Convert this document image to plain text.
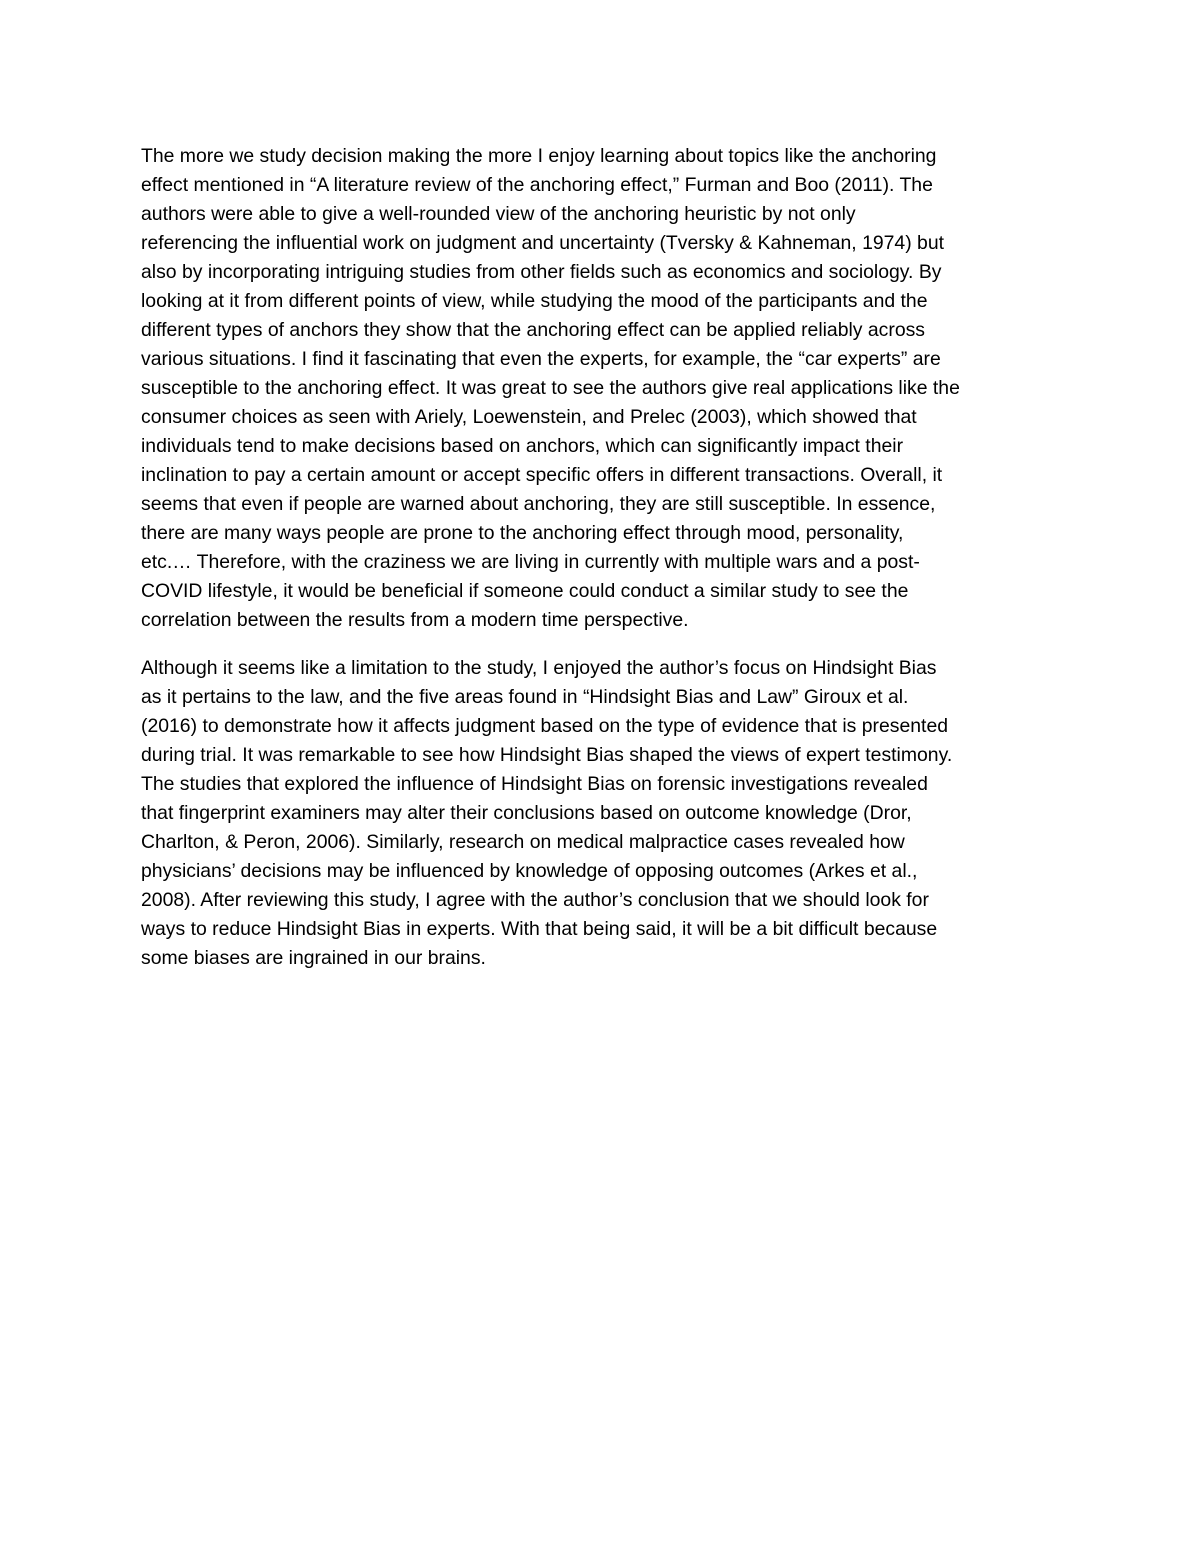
The more we study decision making the more I enjoy learning about topics like the anchoring
effect mentioned in “A literature review of the anchoring effect,” Furman and Boo (2011). The
authors were able to give a well-rounded view of the anchoring heuristic by not only
referencing the influential work on judgment and uncertainty (Tversky & Kahneman, 1974) but
also by incorporating intriguing studies from other fields such as economics and sociology. By
looking at it from different points of view, while studying the mood of the participants and the
different types of anchors they show that the anchoring effect can be applied reliably across
various situations. I find it fascinating that even the experts, for example, the “car experts” are
susceptible to the anchoring effect. It was great to see the authors give real applications like the
consumer choices as seen with Ariely, Loewenstein, and Prelec (2003), which showed that
individuals tend to make decisions based on anchors, which can significantly impact their
inclination to pay a certain amount or accept specific offers in different transactions. Overall, it
seems that even if people are warned about anchoring, they are still susceptible. In essence,
there are many ways people are prone to the anchoring effect through mood, personality,
etc.… Therefore, with the craziness we are living in currently with multiple wars and a post-
COVID lifestyle, it would be beneficial if someone could conduct a similar study to see the
correlation between the results from a modern time perspective.
Although it seems like a limitation to the study, I enjoyed the author’s focus on Hindsight Bias
as it pertains to the law, and the five areas found in “Hindsight Bias and Law” Giroux et al.
(2016) to demonstrate how it affects judgment based on the type of evidence that is presented
during trial. It was remarkable to see how Hindsight Bias shaped the views of expert testimony.
The studies that explored the influence of Hindsight Bias on forensic investigations revealed
that fingerprint examiners may alter their conclusions based on outcome knowledge (Dror,
Charlton, & Peron, 2006). Similarly, research on medical malpractice cases revealed how
physicians’ decisions may be influenced by knowledge of opposing outcomes (Arkes et al.,
2008). After reviewing this study, I agree with the author’s conclusion that we should look for
ways to reduce Hindsight Bias in experts. With that being said, it will be a bit difficult because
some biases are ingrained in our brains.
